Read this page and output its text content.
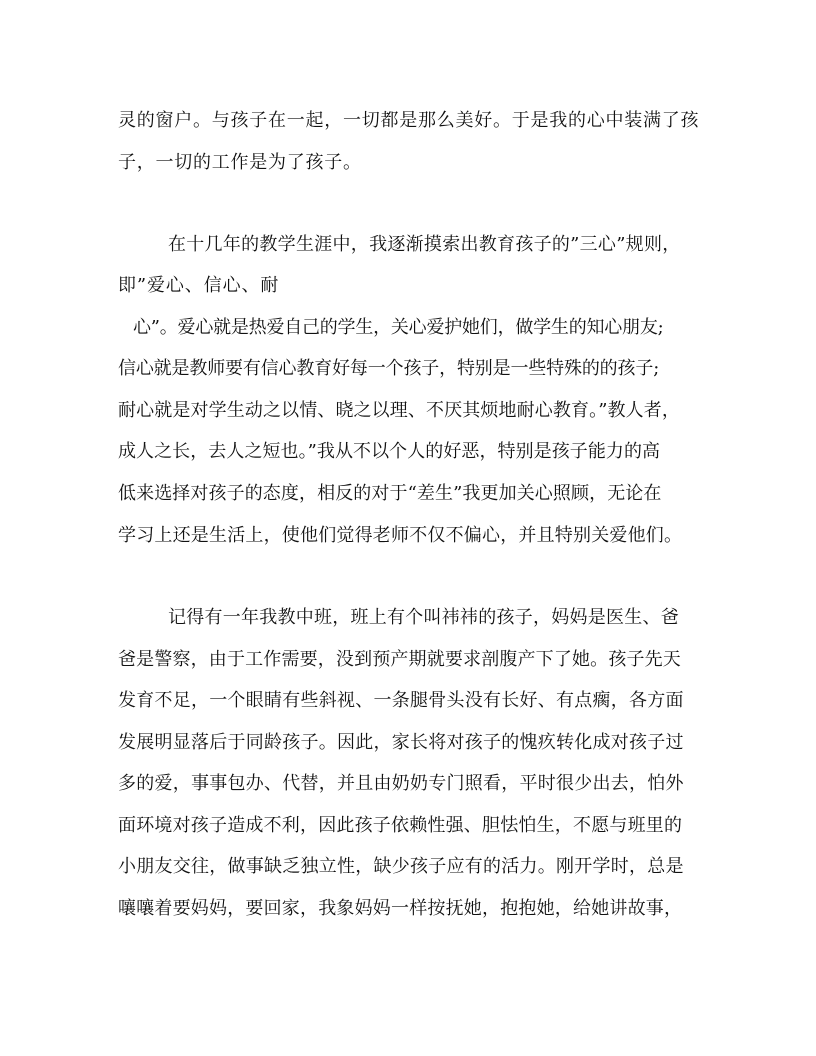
灵的窗户。与孩子在一起，一切都是那么美好。于是我的心中装满了孩
子，一切的工作是为了孩子。
在十几年的教学生涯中，我逐渐摸索出教育孩子的”三心”规则，
即”爱心、信心、耐
心”。爱心就是热爱自己的学生，关心爱护她们，做学生的知心朋友;
信心就是教师要有信心教育好每一个孩子，特别是一些特殊的的孩子;
耐心就是对学生动之以情、晓之以理、不厌其烦地耐心教育。”教人者，
成人之长，去人之短也。”我从不以个人的好恶，特别是孩子能力的高
低来选择对孩子的态度，相反的对于“差生”我更加关心照顾，无论在
学习上还是生活上，使他们觉得老师不仅不偏心，并且特别关爱他们。
记得有一年我教中班，班上有个叫祎祎的孩子，妈妈是医生、爸
爸是警察，由于工作需要，没到预产期就要求剖腹产下了她。孩子先天
发育不足，一个眼睛有些斜视、一条腿骨头没有长好、有点瘸，各方面
发展明显落后于同龄孩子。因此，家长将对孩子的愧疚转化成对孩子过
多的爱，事事包办、代替，并且由奶奶专门照看，平时很少出去，怕外
面环境对孩子造成不利，因此孩子依赖性强、胆怯怕生，不愿与班里的
小朋友交往，做事缺乏独立性，缺少孩子应有的活力。刚开学时，总是
嚷嚷着要妈妈，要回家，我象妈妈一样按抚她，抱抱她，给她讲故事，
